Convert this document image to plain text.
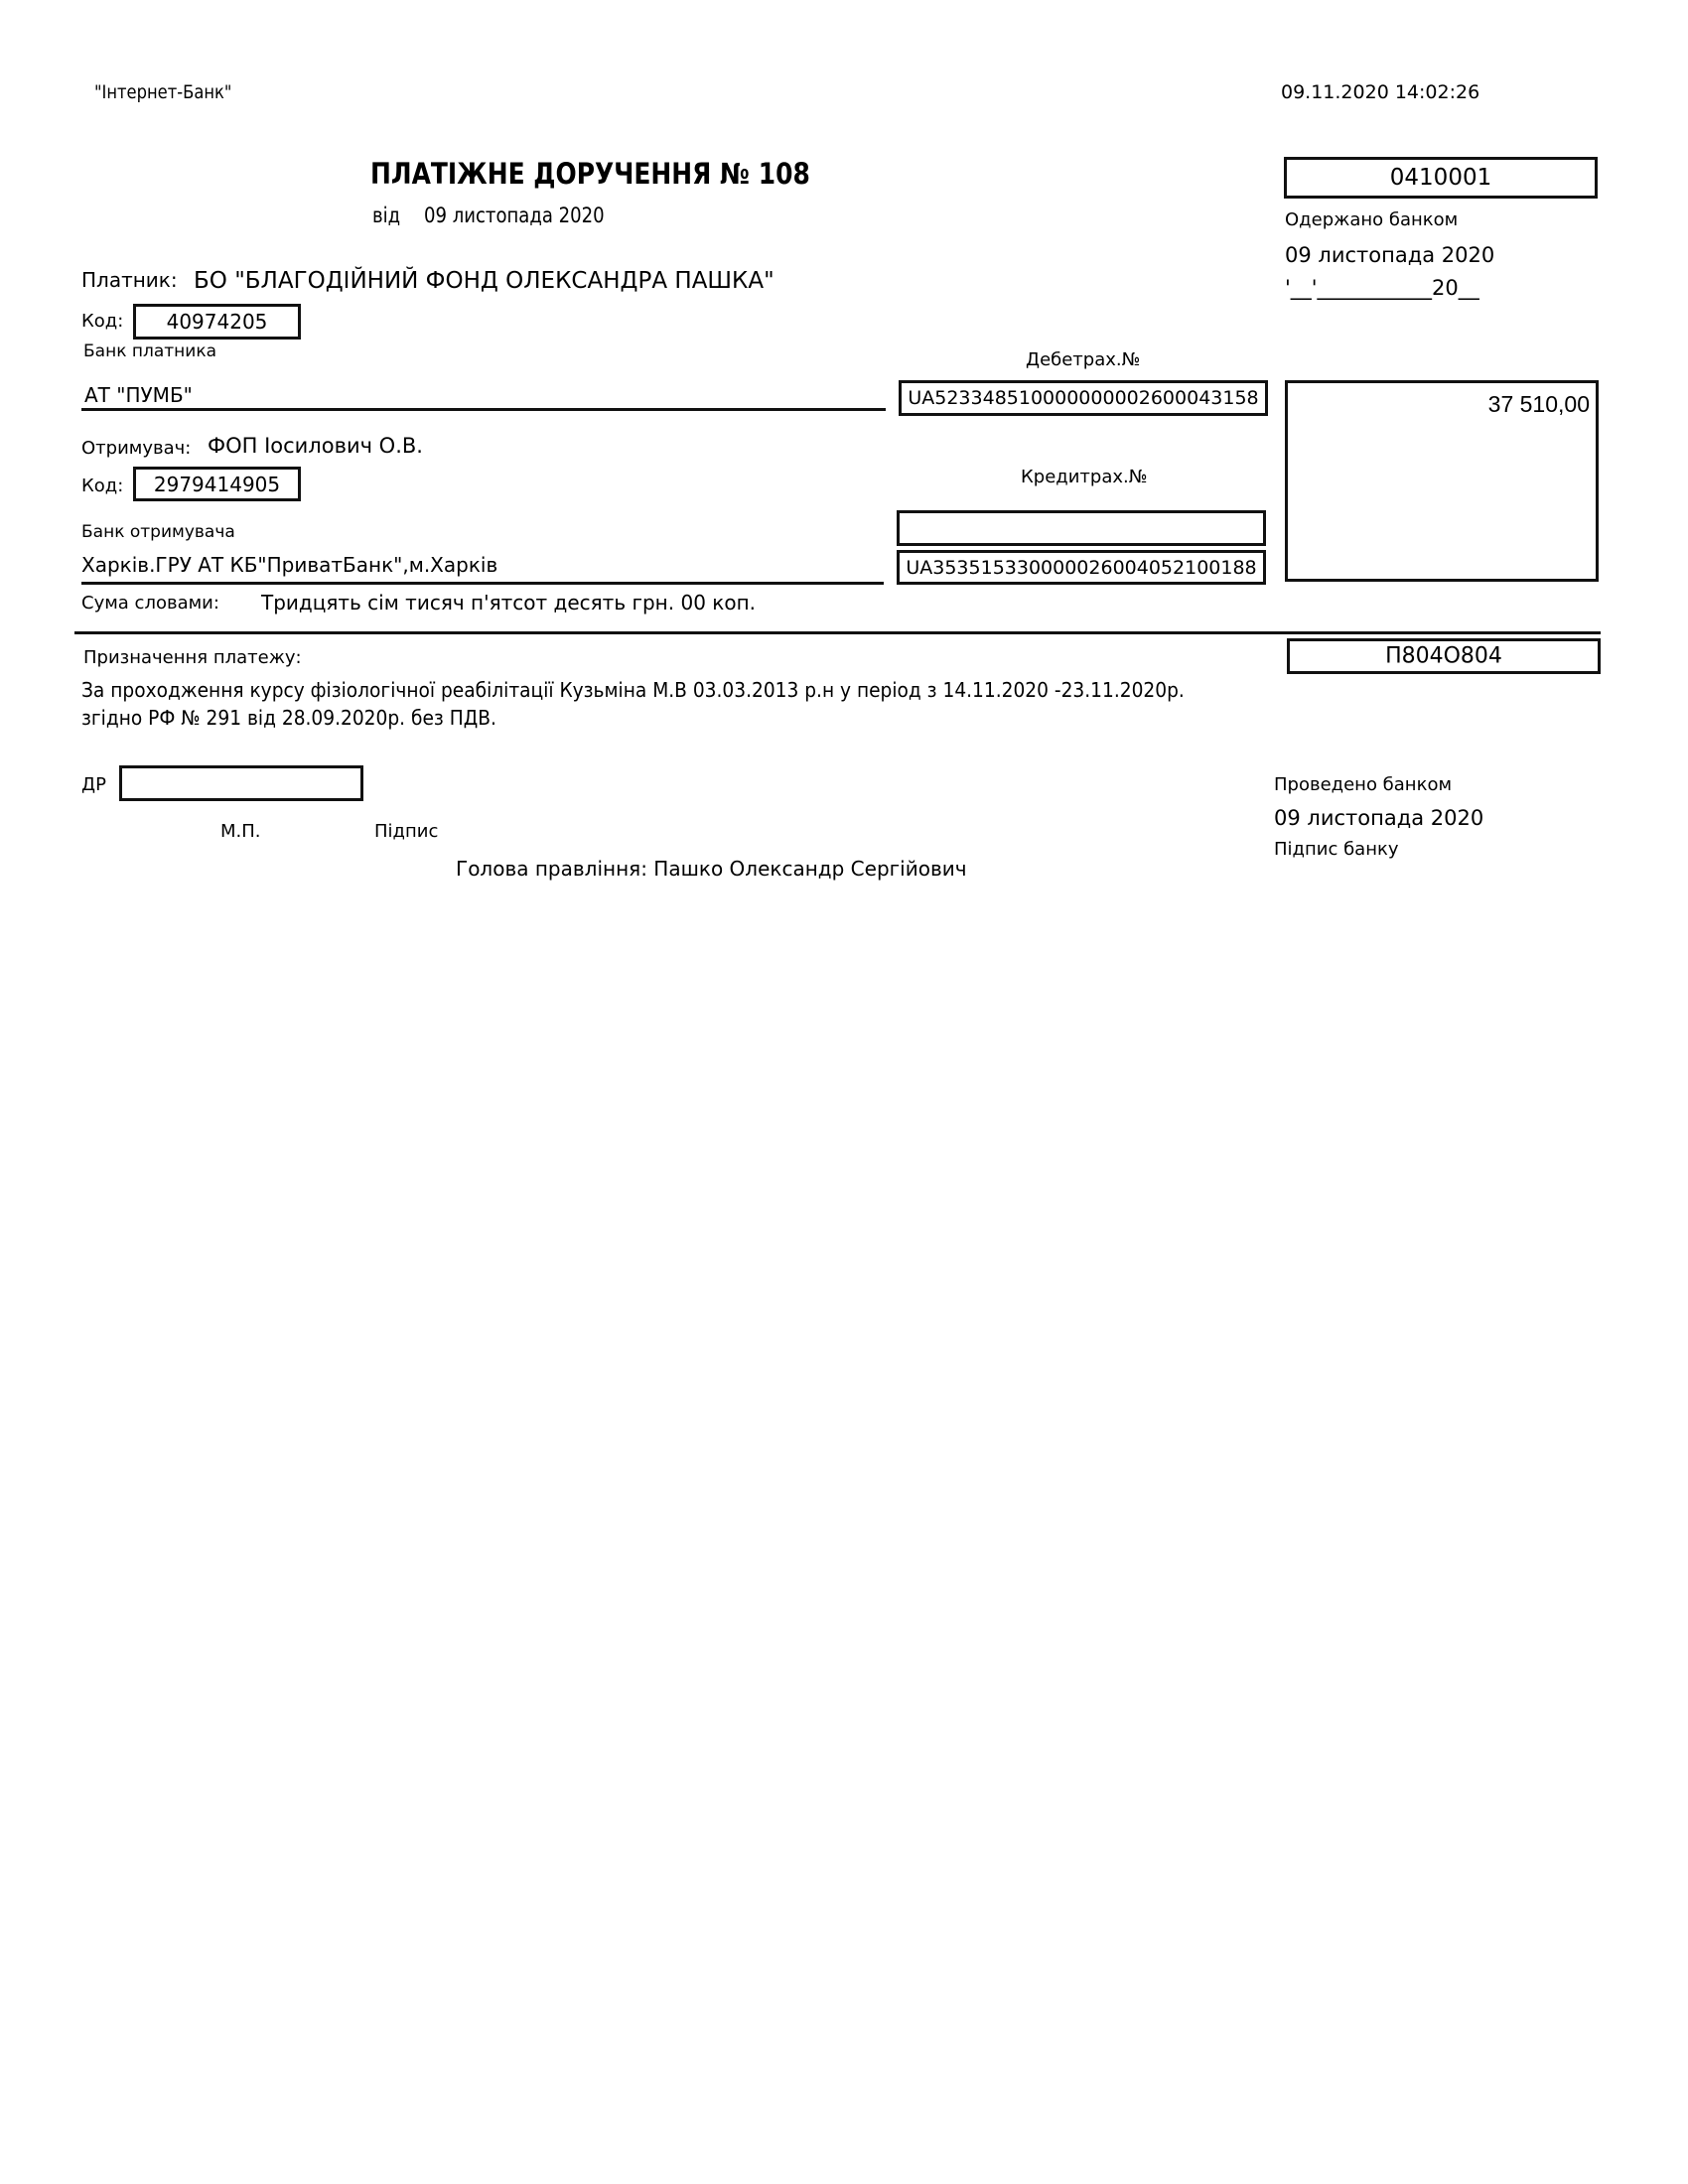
"Інтернет-Банк"	09.11.2020 14:02:26
ПЛАТІЖНЕ ДОРУЧЕННЯ № 108
від 09 листопада 2020
0410001
Одержано банком
09 листопада 2020
'__'___________20__
Платник: БО "БЛАГОДІЙНИЙ ФОНД ОЛЕКСАНДРА ПАШКА"
Код:	40974205
Банк платника
АТ "ПУМБ"
Дебетрах.№
UA523348510000000002600043158	37 510,00
Отримувач: ФОП Іосилович О.В.
Код:	2979414905
Банк отримувача
Харків.ГРУ АТ КБ"ПриватБанк",м.Харків
Кредитрах.№
UA353515330000026004052100188
Сума словами: Тридцять сім тисяч п'ятсот десять грн. 00 коп.
П804О804
Призначення платежу:
За проходження курсу фізіологічної реабілітації Кузьміна М.В 03.03.2013 р.н у період з 14.11.2020 -23.11.2020р.
згідно РФ № 291 від 28.09.2020р. без ПДВ.
ДР
М.П.	Підпис
Голова правління: Пашко Олександр Сергійович
Проведено банком
09 листопада 2020
Підпис банку
